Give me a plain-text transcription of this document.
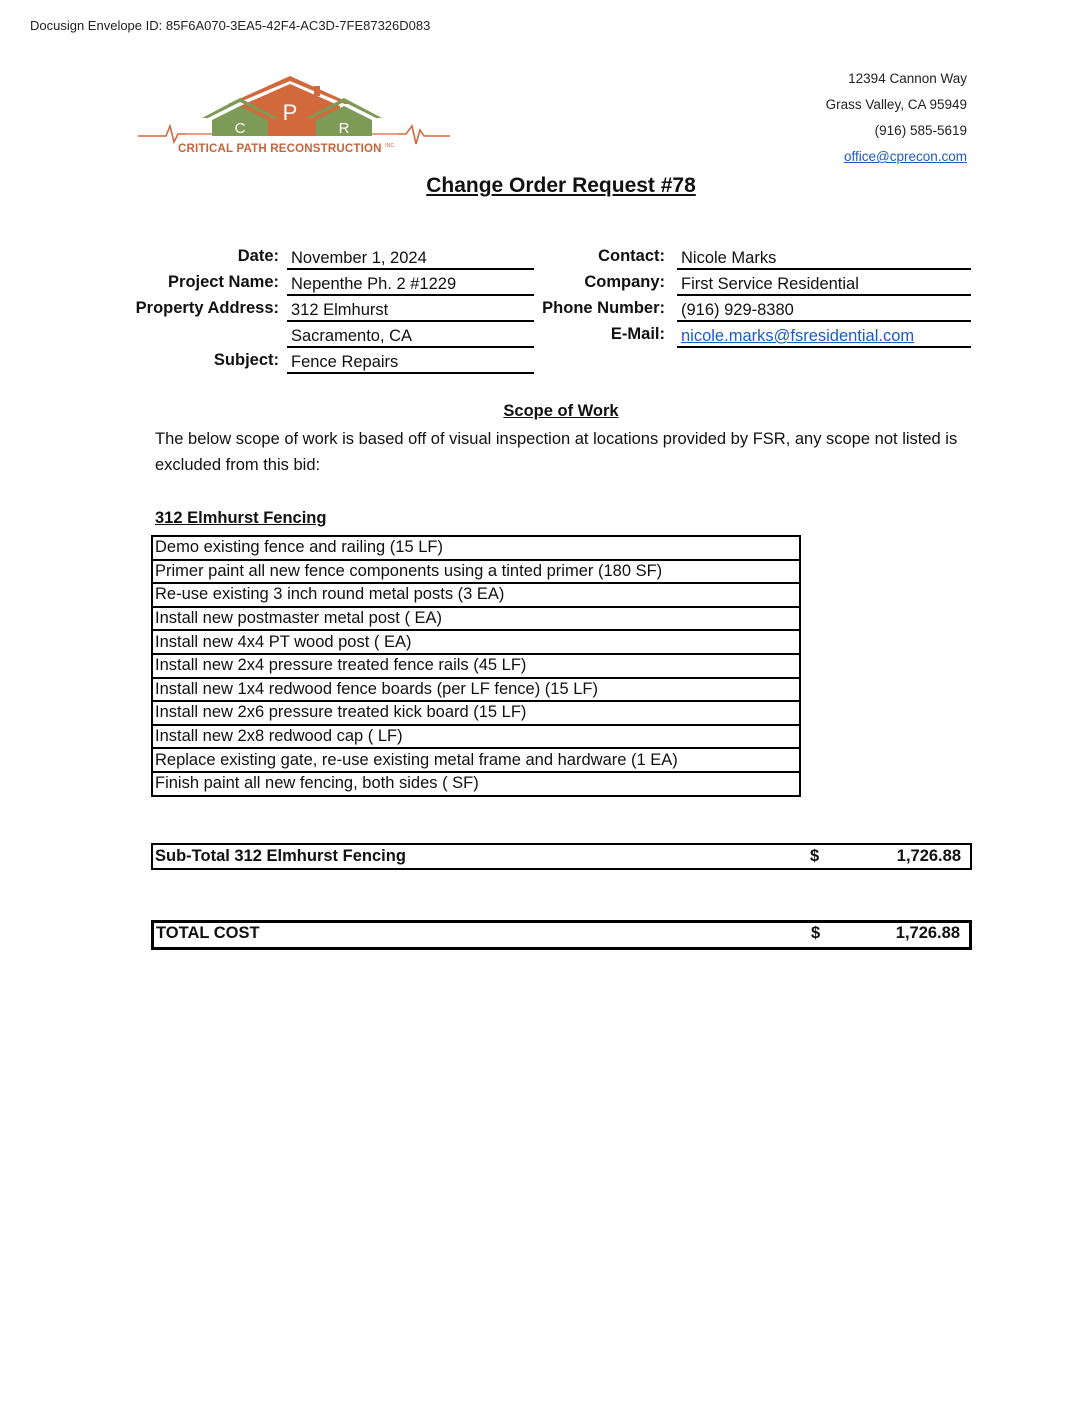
Docusign Envelope ID: 85F6A070-3EA5-42F4-AC3D-7FE87326D083
C
P
R
CRITICAL PATH RECONSTRUCTION $^{INC.}$
12394 Cannon Way
Grass Valley, CA 95949
(916) 585-5619
office@cprecon.com
Change Order Request #78
Date: November 1, 2024
Project Name: Nepenthe Ph. 2 #1229
Property Address: 312 Elmhurst
Sacramento, CA
Subject: Fence Repairs
Contact: Nicole Marks
Company: First Service Residential
Phone Number: (916) 929-8380
E-Mail: nicole.marks@fsresidential.com
Scope of Work
The below scope of work is based off of visual inspection at locations provided by FSR, any scope not listed is excluded from this bid:
312 Elmhurst Fencing
Demo existing fence and railing (15 LF)
Primer paint all new fence components using a tinted primer (180 SF)
Re-use existing 3 inch round metal posts (3 EA)
Install new postmaster metal post ( EA)
Install new 4x4 PT wood post ( EA)
Install new 2x4 pressure treated fence rails (45 LF)
Install new 1x4 redwood fence boards (per LF fence) (15 LF)
Install new 2x6 pressure treated kick board (15 LF)
Install new 2x8 redwood cap ( LF)
Replace existing gate, re-use existing metal frame and hardware (1 EA)
Finish paint all new fencing, both sides ( SF)
Sub-Total 312 Elmhurst Fencing	$	1,726.88
TOTAL COST	$	1,726.88
